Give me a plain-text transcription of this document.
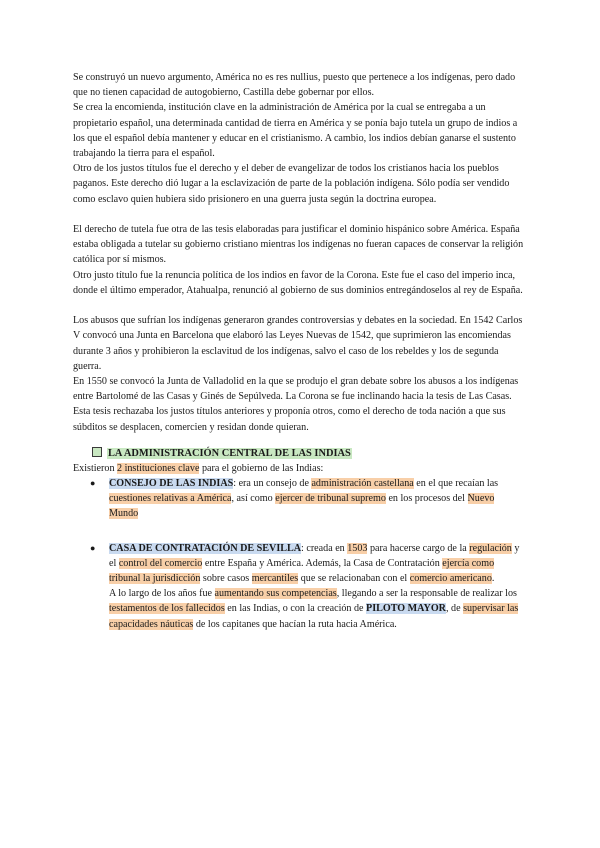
Se construyó un nuevo argumento, América no es res nullius, puesto que pertenece a los indígenas, pero dado que no tienen capacidad de autogobierno, Castilla debe gobernar por ellos.

Se crea la encomienda, institución clave en la administración de América por la cual se entregaba a un propietario español, una determinada cantidad de tierra en América y se ponía bajo tutela un grupo de indios a los que el español debía mantener y educar en el cristianismo. A cambio, los indios debían ganarse el sustento trabajando la tierra para el español.

Otro de los justos títulos fue el derecho y el deber de evangelizar de todos los cristianos hacia los pueblos paganos. Este derecho dió lugar a la esclavización de parte de la población indígena. Sólo podía ser vendido como esclavo quien hubiera sido prisionero en una guerra justa según la doctrina europea.

El derecho de tutela fue otra de las tesis elaboradas para justificar el dominio hispánico sobre América. España estaba obligada a tutelar su gobierno cristiano mientras los indígenas no fueran capaces de conservar la religión católica por sí mismos.

Otro justo título fue la renuncia política de los indios en favor de la Corona. Este fue el caso del imperio inca, donde el último emperador, Atahualpa, renunció al gobierno de sus dominios entregándoselos al rey de España.

Los abusos que sufrían los indígenas generaron grandes controversias y debates en la sociedad. En 1542 Carlos V convocó una Junta en Barcelona que elaboró las Leyes Nuevas de 1542, que suprimieron las encomiendas durante 3 años y prohibieron la esclavitud de los indígenas, salvo el caso de los rebeldes y los de segunda guerra.

En 1550 se convocó la Junta de Valladolid en la que se produjo el gran debate sobre los abusos a los indígenas entre Bartolomé de las Casas y Ginés de Sepúlveda. La Corona se fue inclinando hacia la tesis de Las Casas. Esta tesis rechazaba los justos títulos anteriores y proponía otros, como el derecho de toda nación a que sus súbditos se desplacen, comercien y residan donde quieran.

LA ADMINISTRACIÓN CENTRAL DE LAS INDIAS

Existieron 2 instituciones clave para el gobierno de las Indias:

● CONSEJO DE LAS INDIAS: era un consejo de administración castellana en el que recaían las cuestiones relativas a América, así como ejercer de tribunal supremo en los procesos del Nuevo Mundo
● CASA DE CONTRATACIÓN DE SEVILLA: creada en 1503 para hacerse cargo de la regulación y el control del comercio entre España y América. Además, la Casa de Contratación ejercía como tribunal la jurisdicción sobre casos mercantiles que se relacionaban con el comercio americano.
A lo largo de los años fue aumentando sus competencias, llegando a ser la responsable de realizar los testamentos de los fallecidos en las Indias, o con la creación de PILOTO MAYOR, de supervisar las capacidades náuticas de los capitanes que hacían la ruta hacia América.
